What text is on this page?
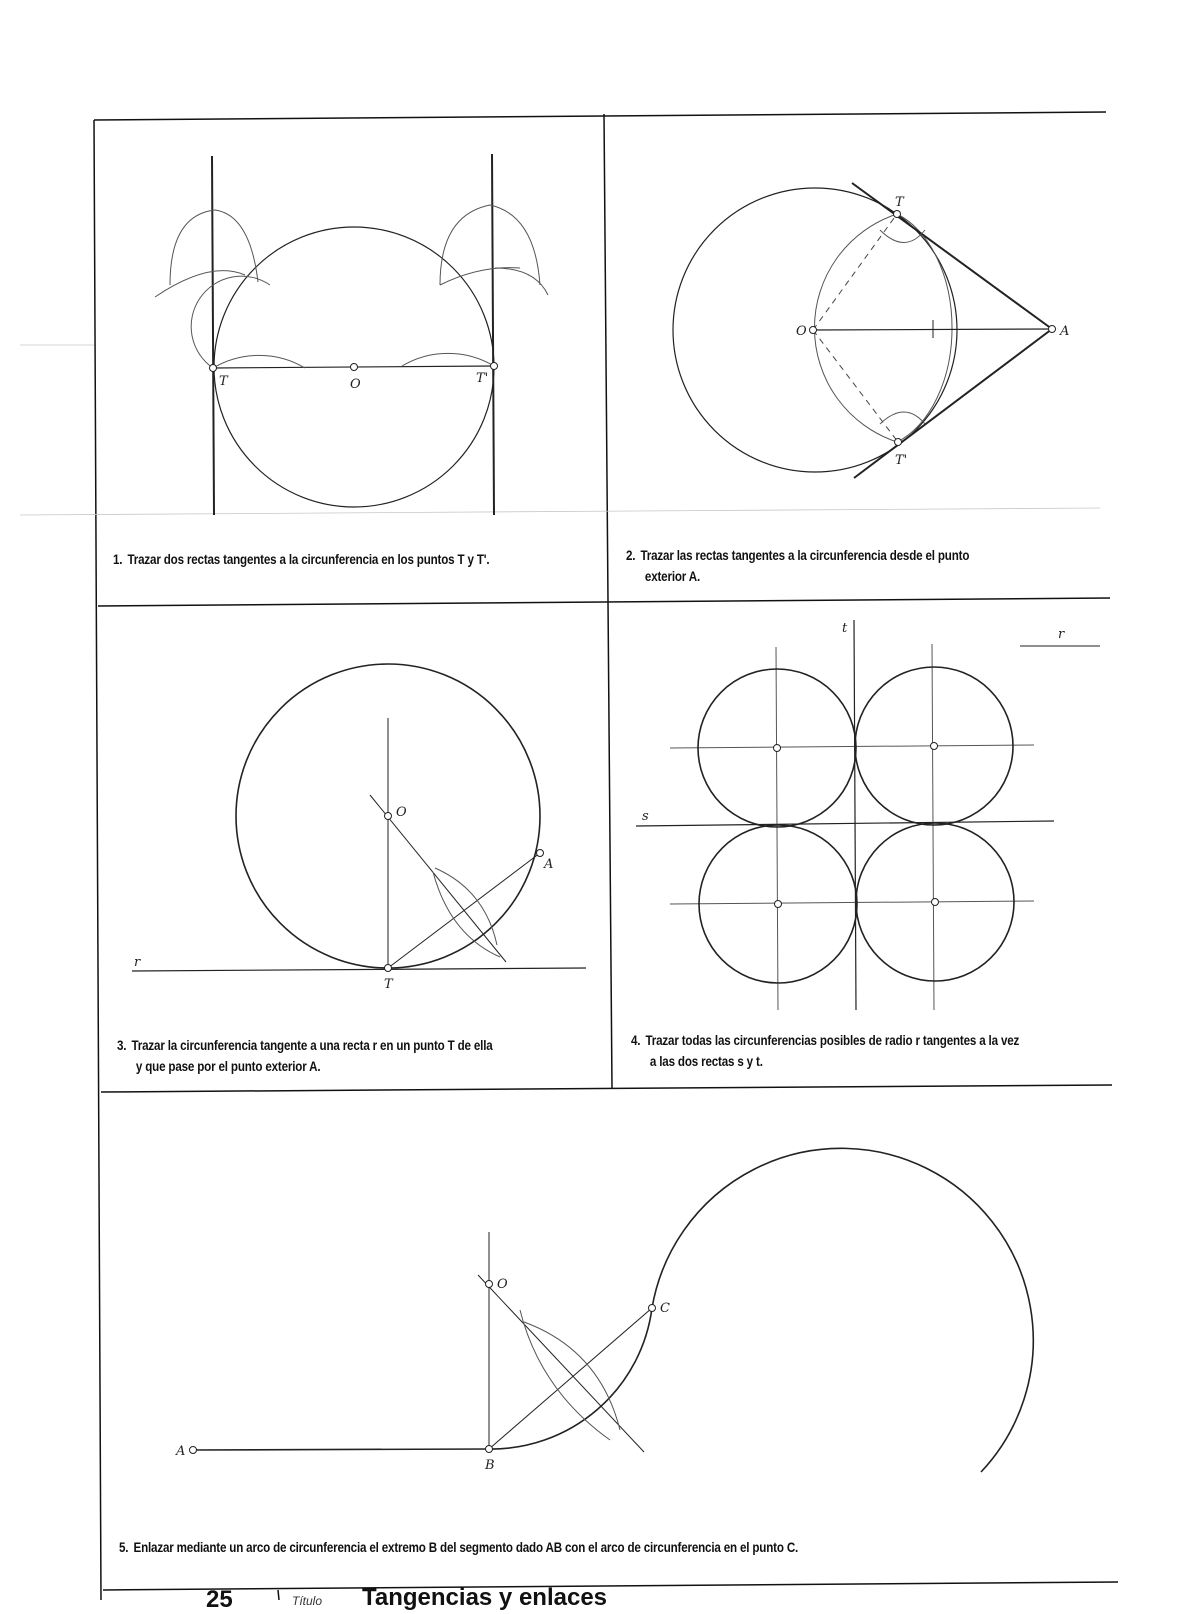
T	O	T'
T
O	A
T'
O
A
r
T
t	r
s
O
C
A
B
1. Trazar dos rectas tangentes a la circunferencia en los puntos T y T'.	2. Trazar las rectas tangentes a la circunferencia desde el punto
exterior A.
3. Trazar la circunferencia tangente a una recta r en un punto T de ella
y que pase por el punto exterior A.
4. Trazar todas las circunferencias posibles de radio r tangentes a la vez
a las dos rectas s y t.
5. Enlazar mediante un arco de circunferencia el extremo B del segmento dado AB con el arco de circunferencia en el punto C.
25	Título Tangencias y enlaces
